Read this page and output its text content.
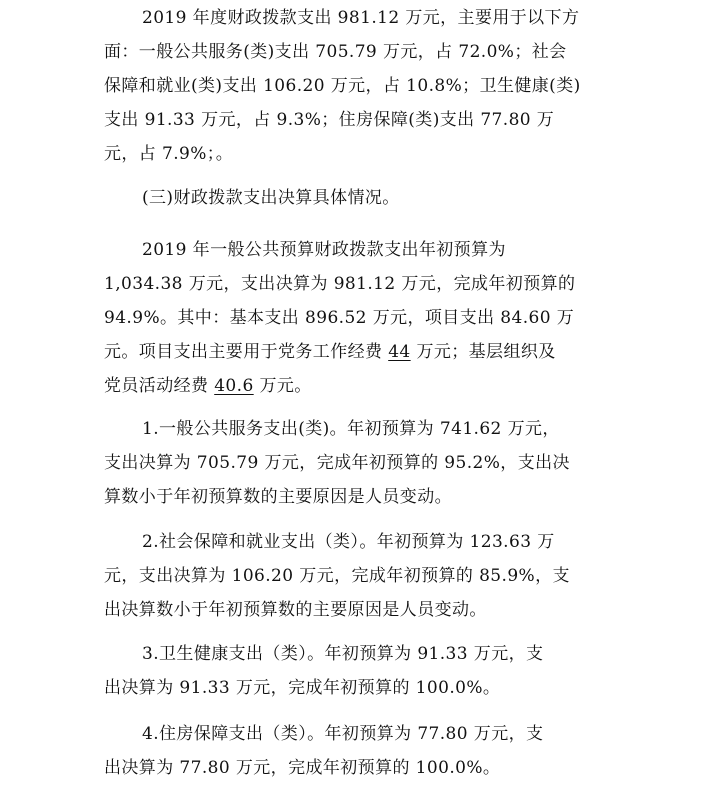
2019 年度财政拨款支出 981.12 万元，主要用于以下方
面：一般公共服务(类)支出 705.79 万元，占 72.0%；社会
保障和就业(类)支出 106.20 万元，占 10.8%；卫生健康(类)
支出 91.33 万元，占 9.3%；住房保障(类)支出 77.80 万
元，占 7.9%；。
(三)财政拨款支出决算具体情况。
2019 年一般公共预算财政拨款支出年初预算为
1,034.38 万元，支出决算为 981.12 万元，完成年初预算的
94.9%。其中：基本支出 896.52 万元，项目支出 84.60 万
元。项目支出主要用于党务工作经费 44 万元；基层组织及
党员活动经费 40.6 万元。
1.一般公共服务支出(类)。年初预算为 741.62 万元，
支出决算为 705.79 万元，完成年初预算的 95.2%，支出决
算数小于年初预算数的主要原因是人员变动。
2.社会保障和就业支出（类）。年初预算为 123.63 万
元，支出决算为 106.20 万元，完成年初预算的 85.9%，支
出决算数小于年初预算数的主要原因是人员变动。
3.卫生健康支出（类）。年初预算为 91.33 万元，支
出决算为 91.33 万元，完成年初预算的 100.0%。
4.住房保障支出（类）。年初预算为 77.80 万元，支
出决算为 77.80 万元，完成年初预算的 100.0%。
